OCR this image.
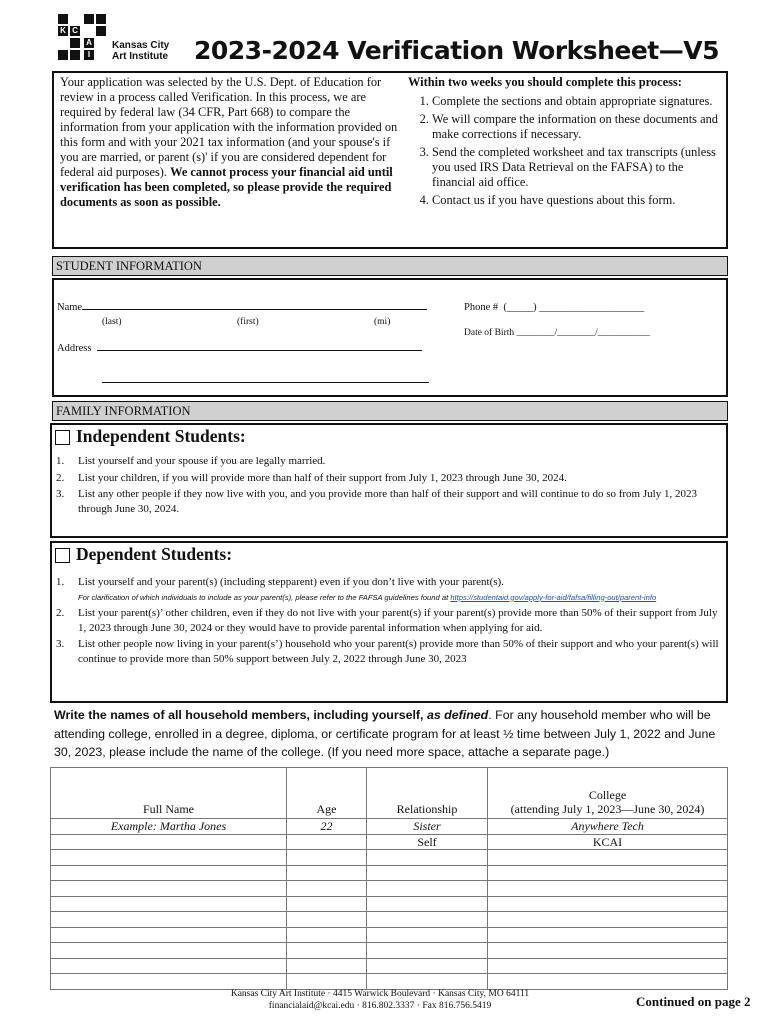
K C
A
I
Kansas City
Art Institute 2023-2024 Verification Worksheet—V5
Your application was selected by the U.S. Dept. of Education for review in a process called Verification. In this process, we are required by federal law (34 CFR, Part 668) to compare the information from your application with the information provided on this form and with your 2021 tax information (and your spouse's if you are married, or parent (s)' if you are considered dependent for federal aid purposes). We cannot process your financial aid until verification has been completed, so please provide the required documents as soon as possible.
Within two weeks you should complete this process:
1. Complete the sections and obtain appropriate signatures.
2. We will compare the information on these documents and make corrections if necessary.
3. Send the completed worksheet and tax transcripts (unless you used IRS Data Retrieval on the FAFSA) to the financial aid office.
4. Contact us if you have questions about this form.
STUDENT INFORMATION
Name
(last)	(first)	(mi)
Address
Phone # (_____) ____________________
Date of Birth ________/________/___________
FAMILY INFORMATION
Independent Students:
1.	List yourself and your spouse if you are legally married.
2.	List your children, if you will provide more than half of their support from July 1, 2023 through June 30, 2024.
3.	List any other people if they now live with you, and you provide more than half of their support and will continue to do so from July 1, 2023 through June 30, 2024.
Dependent Students:
1.	List yourself and your parent(s) (including stepparent) even if you don’t live with your parent(s).
For clarification of which individuals to include as your parent(s), please refer to the FAFSA guidelines found at https://studentaid.gov/apply-for-aid/fafsa/filling-out/parent-info
2.	List your parent(s)’ other children, even if they do not live with your parent(s) if your parent(s) provide more than 50% of their support from July 1, 2023 through June 30, 2024 or they would have to provide parental information when applying for aid.
3.	List other people now living in your parent(s’) household who your parent(s) provide more than 50% of their support and who your parent(s) will continue to provide more than 50% support between July 2, 2022 through June 30, 2023
Write the names of all household members, including yourself, as defined. For any household member who will be attending college, enrolled in a degree, diploma, or certificate program for at least ½ time between July 1, 2022 and June 30, 2023, please include the name of the college. (If you need more space, attache a separate page.)
Full Name	Age	Relationship	College
(attending July 1, 2023—June 30, 2024)

Example: Martha Jones	22	Sister	Anywhere Tech
		Self	KCAI

Kansas City Art Institute · 4415 Warwick Boulevard · Kansas City, MO 64111
financialaid@kcai.edu · 816.802.3337 · Fax 816.756.5419	Continued on page 2
